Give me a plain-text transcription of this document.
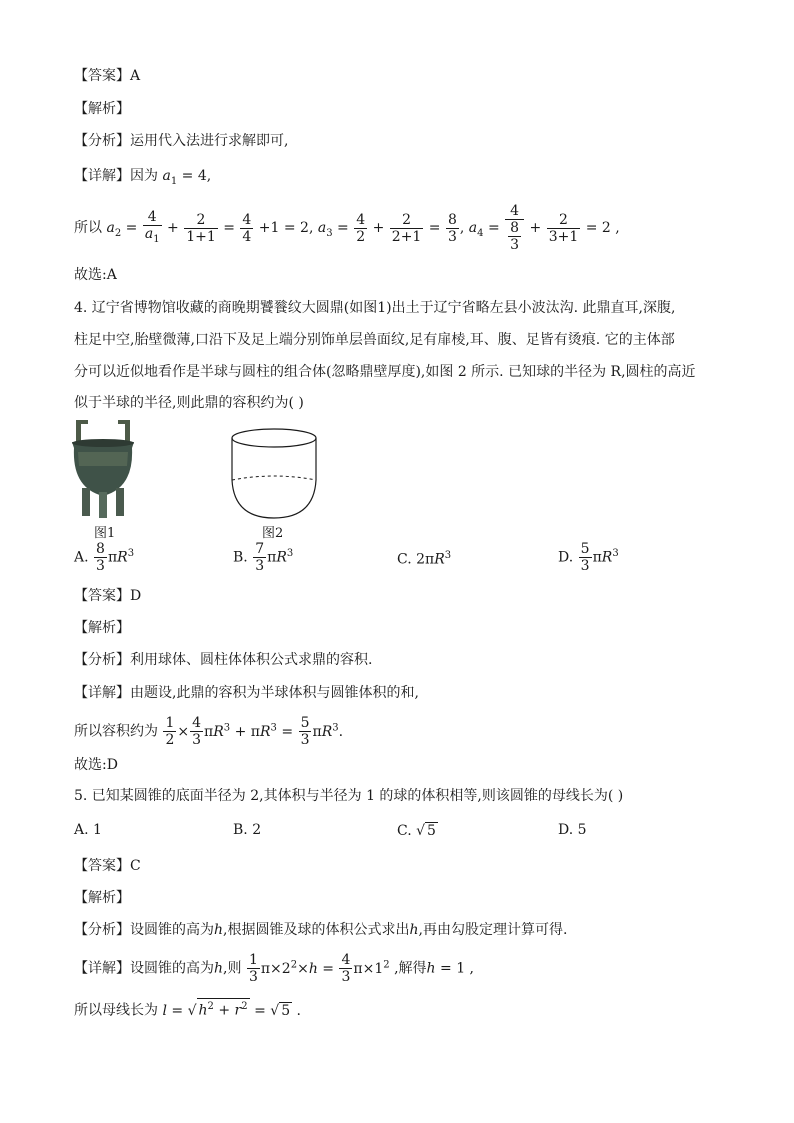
【答案】A
【解析】
【分析】运用代入法进行求解即可,
【详解】因为 $a_1 = 4$,
所以 $a_2 = \frac{4}{a_1} + \frac{2}{1+1} = \frac{4}{4} +1 = 2$, $a_3 = \frac{4}{2} + \frac{2}{2+1} = \frac{8}{3}$ , $a_4 = \frac{4}{\frac{8}{3}} + \frac{2}{3+1} = 2$ ,
故选:A
4. 辽宁省博物馆收藏的商晚期饕餮纹大圆鼎(如图1)出土于辽宁省略左县小波汰沟. 此鼎直耳,深腹,
柱足中空,胎壁微薄,口沿下及足上端分别饰单层兽面纹,足有扉棱,耳、腹、足皆有烫痕. 它的主体部
分可以近似地看作是半球与圆柱的组合体(忽略鼎壁厚度),如图 2 所示. 已知球的半径为 R,圆柱的高近
似于半球的半径,则此鼎的容积约为( )
图1	图2
A. $\frac{8}{3} \pi R^3$	B. $\frac{7}{3} \pi R^3$	C. $2\pi R^3$	D. $\frac{5}{3} \pi R^3$
【答案】D
【解析】
【分析】利用球体、圆柱体体积公式求鼎的容积.
【详解】由题设,此鼎的容积为半球体积与圆锥体积的和,
所以容积约为 $\frac{1}{2} \times \frac{4}{3} \pi R^3 + \pi R^3 = \frac{5}{3} \pi R^3$.
故选:D
5. 已知某圆锥的底面半径为 2,其体积与半径为 1 的球的体积相等,则该圆锥的母线长为( )
A. 1	B. 2	C. √ 5	D. 5
【答案】C
【解析】
【分析】设圆锥的高为h,根据圆锥及球的体积公式求出h,再由勾股定理计算可得.
【详解】设圆锥的高为h,则 $\frac{1}{3} \pi\times 2^2\times h = \frac{4}{3} \pi\times 1^2$ ,解得h = 1 ,
所以母线长为 l = √ $h^2 + r^2$ = √ 5 .
